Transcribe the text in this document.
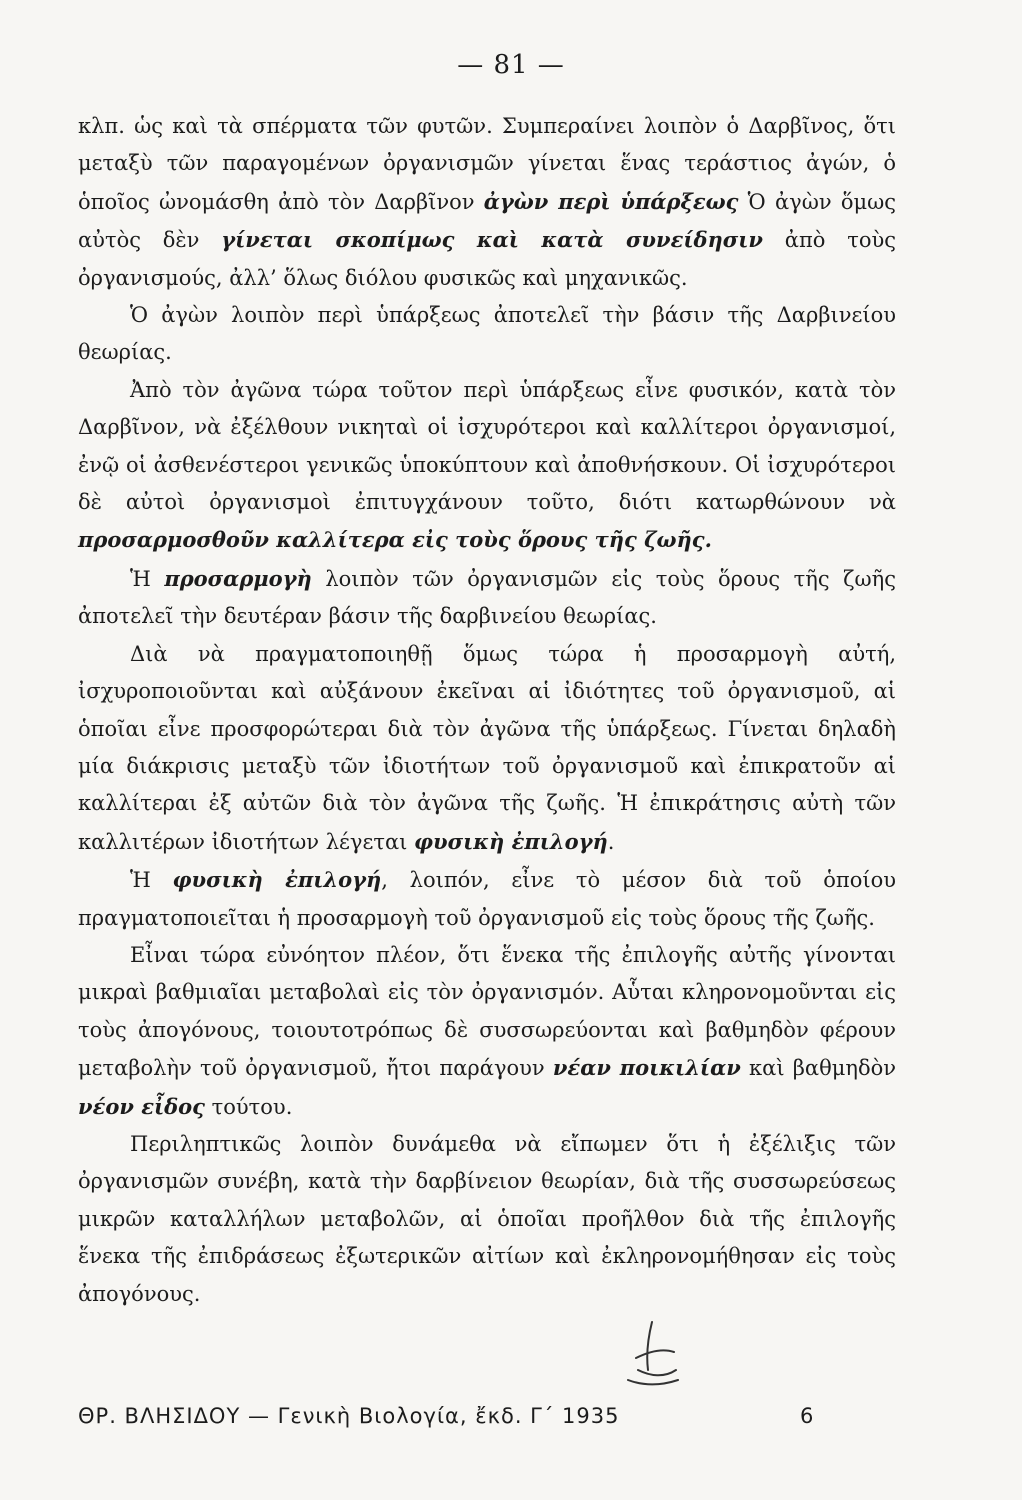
— 81 —

κλπ. ὡς καὶ τὰ σπέρματα τῶν φυτῶν. Συμπεραίνει λοιπὸν ὁ Δαρβῖνος, ὅτι μεταξὺ τῶν παραγομένων ὀργανισμῶν γίνεται ἕνας τεράστιος ἀγών, ὁ ὁποῖος ὠνομάσθη ἀπὸ τὸν Δαρβῖνον ἀγὼν περὶ ὑπάρξεως Ὁ ἀγὼν ὅμως αὐτὸς δὲν γίνεται σκοπίμως καὶ κατὰ συνείδησιν ἀπὸ τοὺς ὀργανισμούς, ἀλλ’ ὅλως διόλου φυσικῶς καὶ μηχανικῶς.

Ὁ ἀγὼν λοιπὸν περὶ ὑπάρξεως ἀποτελεῖ τὴν βάσιν τῆς Δαρβινείου θεωρίας.

Ἀπὸ τὸν ἀγῶνα τώρα τοῦτον περὶ ὑπάρξεως εἶνε φυσικόν, κατὰ τὸν Δαρβῖνον, νὰ ἐξέλθουν νικηταὶ οἱ ἰσχυρότεροι καὶ καλλίτεροι ὀργανισμοί, ἐνῷ οἱ ἀσθενέστεροι γενικῶς ὑποκύπτουν καὶ ἀποθνήσκουν. Οἱ ἰσχυρότεροι δὲ αὐτοὶ ὀργανισμοὶ ἐπιτυγχάνουν τοῦτο, διότι κατωρθώνουν νὰ προσαρμοσθοῦν καλλίτερα εἰς τοὺς ὅρους τῆς ζωῆς.

Ἡ προσαρμογὴ λοιπὸν τῶν ὀργανισμῶν εἰς τοὺς ὅρους τῆς ζωῆς ἀποτελεῖ τὴν δευτέραν βάσιν τῆς δαρβινείου θεωρίας.

Διὰ νὰ πραγματοποιηθῇ ὅμως τώρα ἡ προσαρμογὴ αὐτή, ἰσχυροποιοῦνται καὶ αὐξάνουν ἐκεῖναι αἱ ἰδιότητες τοῦ ὀργανισμοῦ, αἱ ὁποῖαι εἶνε προσφορώτεραι διὰ τὸν ἀγῶνα τῆς ὑπάρξεως. Γίνεται δηλαδὴ μία διάκρισις μεταξὺ τῶν ἰδιοτήτων τοῦ ὀργανισμοῦ καὶ ἐπικρατοῦν αἱ καλλίτεραι ἐξ αὐτῶν διὰ τὸν ἀγῶνα τῆς ζωῆς. Ἡ ἐπικράτησις αὐτὴ τῶν καλλιτέρων ἰδιοτήτων λέγεται φυσικὴ ἐπιλογή.

Ἡ φυσικὴ ἐπιλογή, λοιπόν, εἶνε τὸ μέσον διὰ τοῦ ὁποίου πραγματοποιεῖται ἡ προσαρμογὴ τοῦ ὀργανισμοῦ εἰς τοὺς ὅρους τῆς ζωῆς.

Εἶναι τώρα εὐνόητον πλέον, ὅτι ἕνεκα τῆς ἐπιλογῆς αὐτῆς γίνονται μικραὶ βαθμιαῖαι μεταβολαὶ εἰς τὸν ὀργανισμόν. Αὗται κληρονομοῦνται εἰς τοὺς ἀπογόνους, τοιουτοτρόπως δὲ συσσωρεύονται καὶ βαθμηδὸν φέρουν μεταβολὴν τοῦ ὀργανισμοῦ, ἤτοι παράγουν νέαν ποικιλίαν καὶ βαθμηδὸν νέον εἶδος τούτου.

Περιληπτικῶς λοιπὸν δυνάμεθα νὰ εἴπωμεν ὅτι ἡ ἐξέλιξις τῶν ὀργανισμῶν συνέβη, κατὰ τὴν δαρβίνειον θεωρίαν, διὰ τῆς συσσωρεύσεως μικρῶν καταλλήλων μεταβολῶν, αἱ ὁποῖαι προῆλθον διὰ τῆς ἐπιλογῆς ἕνεκα τῆς ἐπιδράσεως ἐξωτερικῶν αἰτίων καὶ ἐκληρονομήθησαν εἰς τοὺς ἀπογόνους.

ΘΡ. ΒΛΗΣΙΔΟΥ — Γενικὴ Βιολογία, ἔκδ. Γ΄ 1935	6
